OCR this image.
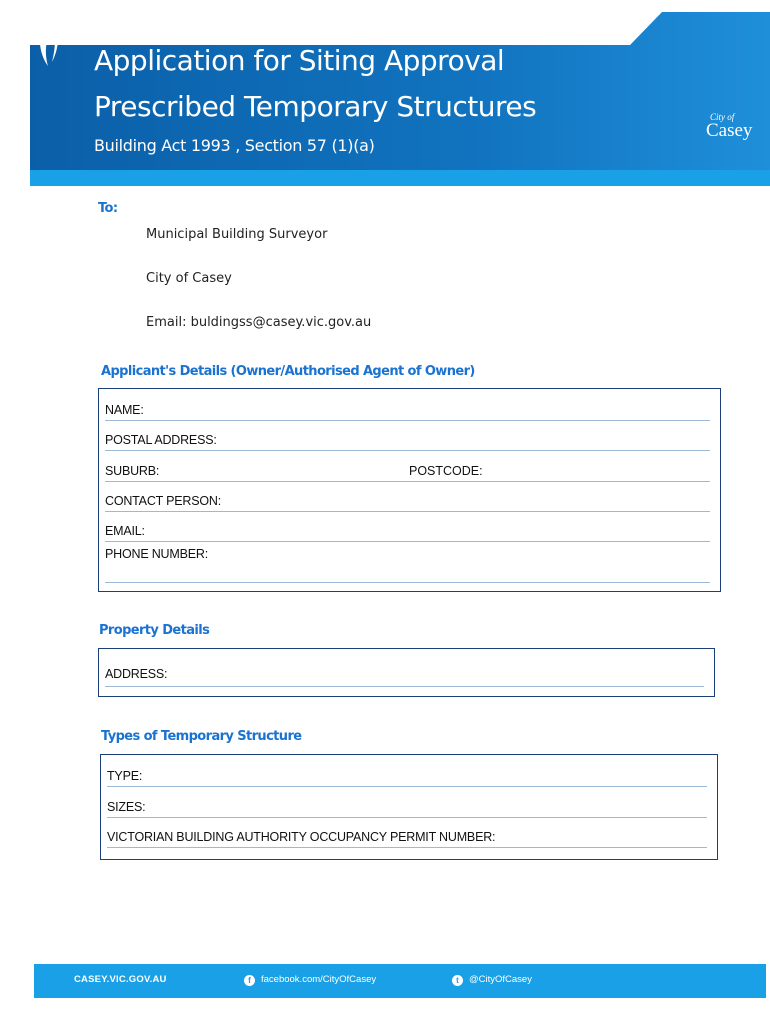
Application for Siting Approval
Prescribed Temporary Structures
Building Act 1993 , Section 57 (1)(a)
City of
Casey
To:
Municipal Building Surveyor
City of Casey
Email: buldingss@casey.vic.gov.au
Applicant's Details (Owner/Authorised Agent of Owner)
NAME:
POSTAL ADDRESS:
SUBURB:	POSTCODE:
CONTACT PERSON:
EMAIL:
PHONE NUMBER:
Property Details
ADDRESS:
Types of Temporary Structure
TYPE:
SIZES:
VICTORIAN BUILDING AUTHORITY OCCUPANCY PERMIT NUMBER:
CASEY.VIC.GOV.AU	f facebook.com/CityOfCasey	t @CityOfCasey
